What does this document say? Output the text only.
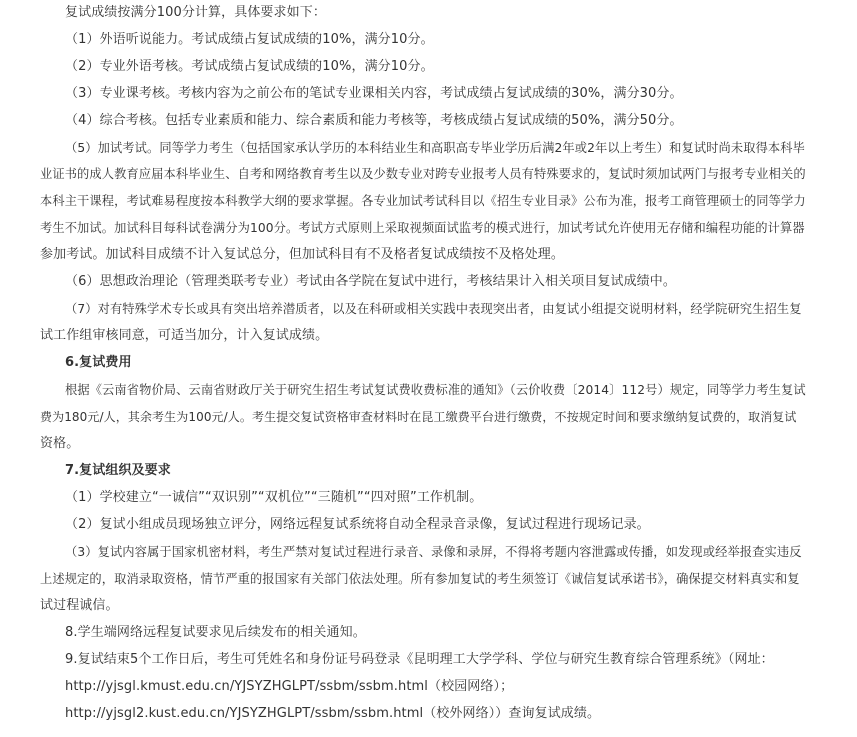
复试成绩按满分100分计算，具体要求如下：
（1）外语听说能力。考试成绩占复试成绩的10%，满分10分。
（2）专业外语考核。考试成绩占复试成绩的10%，满分10分。
（3）专业课考核。考核内容为之前公布的笔试专业课相关内容，考试成绩占复试成绩的30%，满分30分。
（4）综合考核。包括专业素质和能力、综合素质和能力考核等，考核成绩占复试成绩的50%，满分50分。
（5）加试考试。同等学力考生（包括国家承认学历的本科结业生和高职高专毕业学历后满2年或2年以上考生）和复试时尚未取得本科毕
业证书的成人教育应届本科毕业生、自考和网络教育考生以及少数专业对跨专业报考人员有特殊要求的，复试时须加试两门与报考专业相关的
本科主干课程，考试难易程度按本科教学大纲的要求掌握。各专业加试考试科目以《招生专业目录》公布为准，报考工商管理硕士的同等学力
考生不加试。加试科目每科试卷满分为100分。考试方式原则上采取视频面试监考的模式进行，加试考试允许使用无存储和编程功能的计算器
参加考试。加试科目成绩不计入复试总分，但加试科目有不及格者复试成绩按不及格处理。
（6）思想政治理论（管理类联考专业）考试由各学院在复试中进行，考核结果计入相关项目复试成绩中。
（7）对有特殊学术专长或具有突出培养潜质者，以及在科研或相关实践中表现突出者，由复试小组提交说明材料，经学院研究生招生复
试工作组审核同意，可适当加分，计入复试成绩。
6.复试费用
根据《云南省物价局、云南省财政厅关于研究生招生考试复试费收费标准的通知》（云价收费〔2014〕112号）规定，同等学力考生复试
费为180元/人，其余考生为100元/人。考生提交复试资格审查材料时在昆工缴费平台进行缴费，不按规定时间和要求缴纳复试费的，取消复试
资格。
7.复试组织及要求
（1）学校建立“一诚信”“双识别”“双机位”“三随机”“四对照”工作机制。
（2）复试小组成员现场独立评分，网络远程复试系统将自动全程录音录像，复试过程进行现场记录。
（3）复试内容属于国家机密材料，考生严禁对复试过程进行录音、录像和录屏，不得将考题内容泄露或传播，如发现或经举报查实违反
上述规定的，取消录取资格，情节严重的报国家有关部门依法处理。所有参加复试的考生须签订《诚信复试承诺书》，确保提交材料真实和复
试过程诚信。
8.学生端网络远程复试要求见后续发布的相关通知。
9.复试结束5个工作日后，考生可凭姓名和身份证号码登录《昆明理工大学学科、学位与研究生教育综合管理系统》（网址：
http://yjsgl.kmust.edu.cn/YJSYZHGLPT/ssbm/ssbm.html（校园网络）；
http://yjsgl2.kust.edu.cn/YJSYZHGLPT/ssbm/ssbm.html（校外网络））查询复试成绩。
